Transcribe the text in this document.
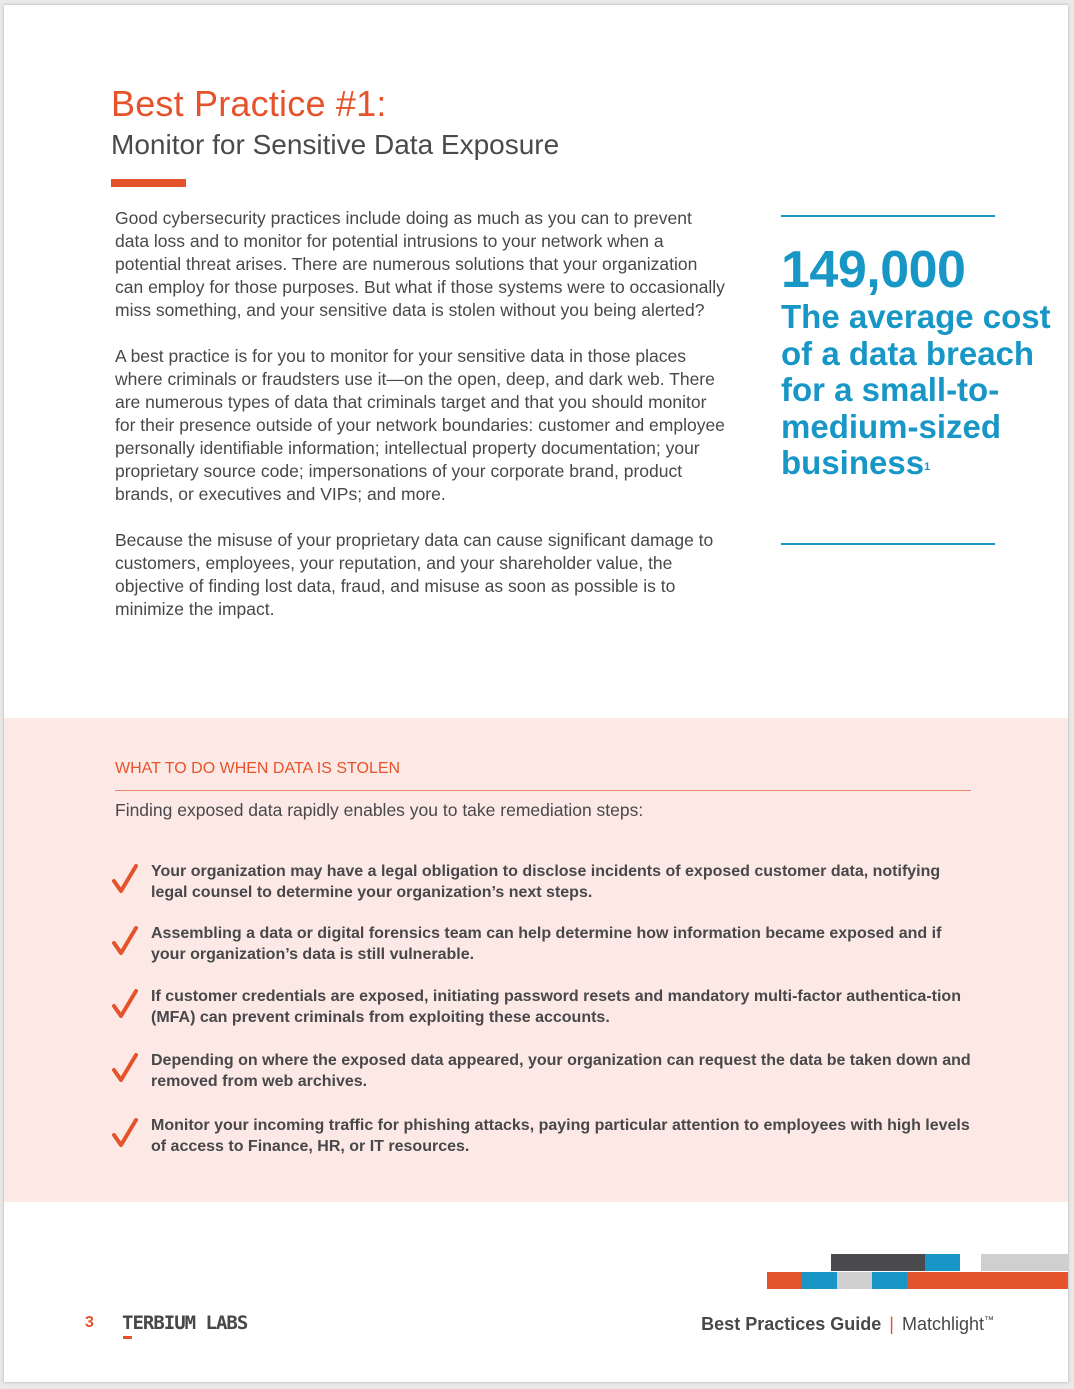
Best Practice #1:
Monitor for Sensitive Data Exposure

Good cybersecurity practices include doing as much as you can to prevent data loss and to monitor for potential intrusions to your network when a potential threat arises. There are numerous solutions that your organization can employ for those purposes. But what if those systems were to occasionally miss something, and your sensitive data is stolen without you being alerted?

A best practice is for you to monitor for your sensitive data in those places where criminals or fraudsters use it—on the open, deep, and dark web. There are numerous types of data that criminals target and that you should monitor for their presence outside of your network boundaries: customer and employee personally identifiable information; intellectual property documentation; your proprietary source code; impersonations of your corporate brand, product brands, or executives and VIPs; and more.

Because the misuse of your proprietary data can cause significant damage to customers, employees, your reputation, and your shareholder value, the objective of finding lost data, fraud, and misuse as soon as possible is to minimize the impact.

149,000
The average cost of a data breach for a small-to-medium-sized business$^1$
WHAT TO DO WHEN DATA IS STOLEN
Finding exposed data rapidly enables you to take remediation steps:
Your organization may have a legal obligation to disclose incidents of exposed customer data, notifying legal counsel to determine your organization’s next steps.
Assembling a data or digital forensics team can help determine how information became exposed and if your organization’s data is still vulnerable.
If customer credentials are exposed, initiating password resets and mandatory multi-factor authentica-tion (MFA) can prevent criminals from exploiting these accounts.
Depending on where the exposed data appeared, your organization can request the data be taken down and removed from web archives.
Monitor your incoming traffic for phishing attacks, paying particular attention to employees with high levels of access to Finance, HR, or IT resources.
3 TERBIUM LABS	Best Practices Guide | Matchlight™
